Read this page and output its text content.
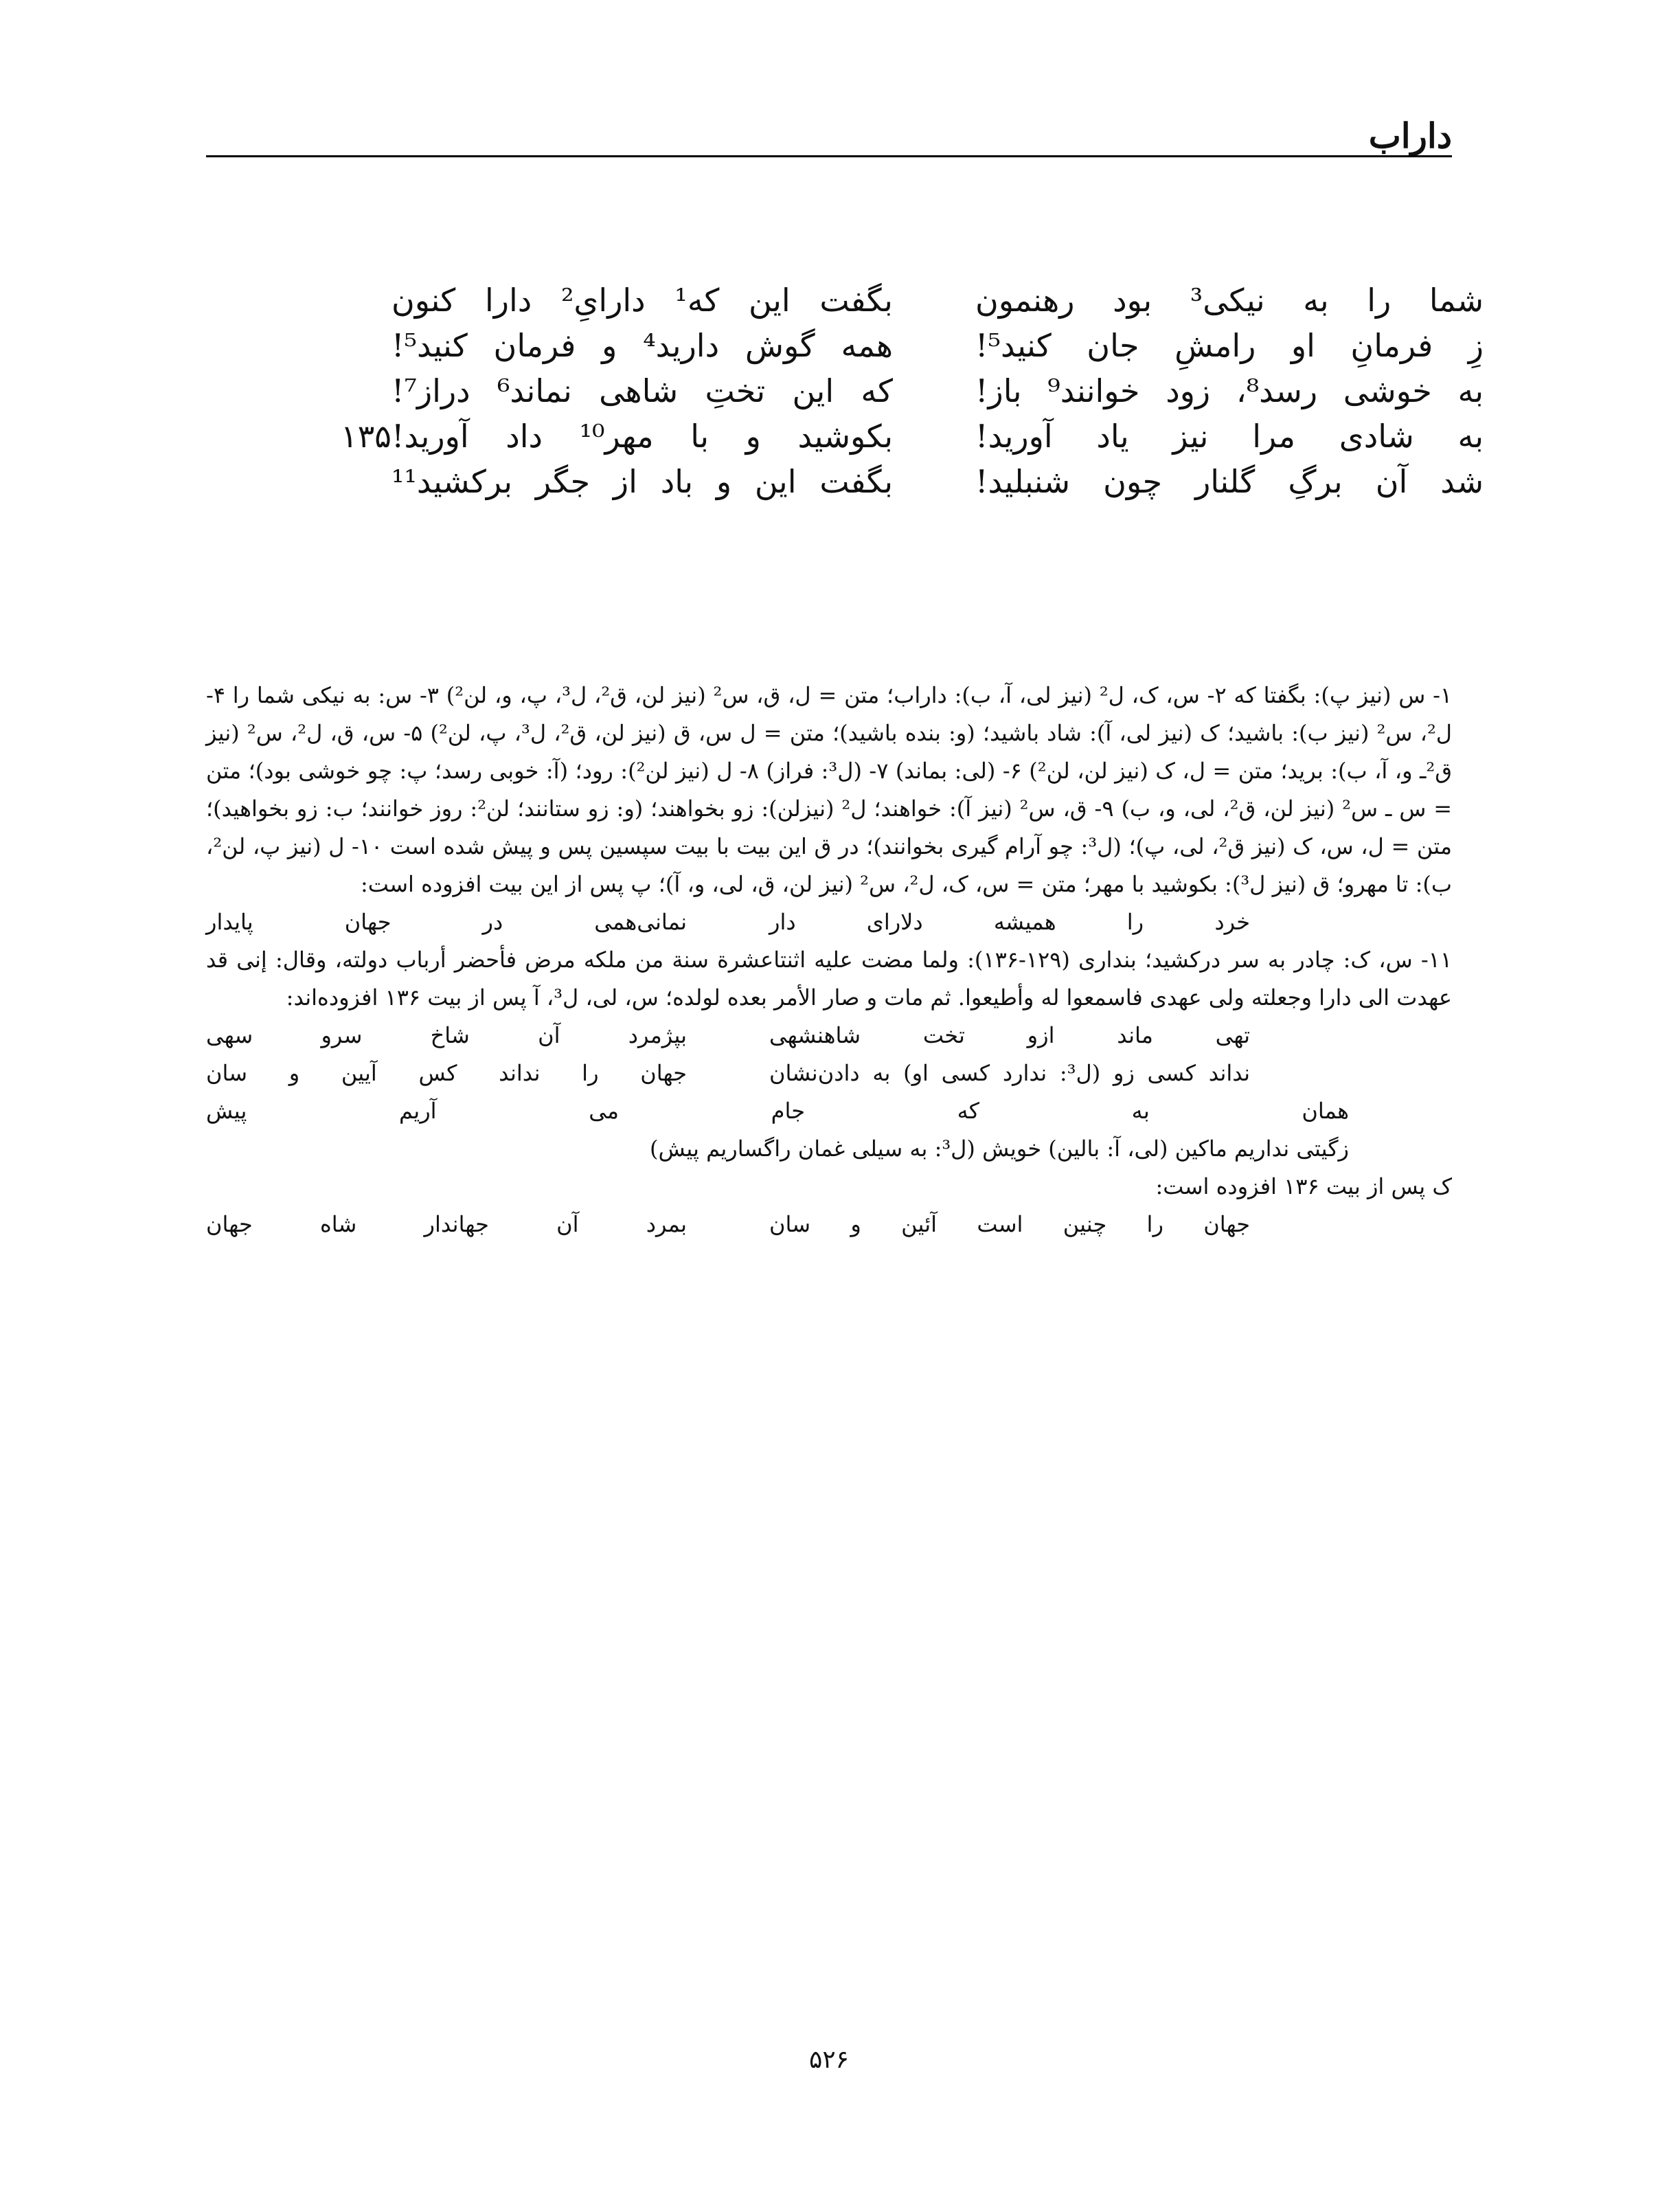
داراب
بگفت این که¹ دارایِ² دارا کنون	شما را به نیکی³ بود رهنمون
همه گوش دارید⁴ و فرمان کنید⁵!	زِ فرمانِ او رامشِ جان کنید⁵!
که این تختِ شاهی نماند⁶ دراز⁷!	به خوشی رسد⁸، زود خوانند⁹ باز!
۱۳۵ بکوشید و با مهر¹⁰ داد آورید!	به شادی مرا نیز یاد آورید!
بگفت این و باد از جگر برکشید¹¹	شد آن برگِ گلنار چون شنبلید!

۱- س (نیز پ): بگفتا که ۲- س، ک، ل² (نیز لی، آ، ب): داراب؛ متن = ل، ق، س² (نیز لن، ق²، ل³، پ، و، لن²) ۳- س: به نیکی شما را ۴- ل²، س² (نیز ب): باشید؛ ک (نیز لی، آ): شاد باشید؛ (و: بنده باشید)؛ متن = ل س، ق (نیز لن، ق²، ل³، پ، لن²) ۵- س، ق، ل²، س² (نیز ق²ـ و، آ، ب): برید؛ متن = ل، ک (نیز لن، لن²) ۶- (لی: بماند) ۷- (ل³: فراز) ۸- ل (نیز لن²): رود؛ (آ: خوبی رسد؛ پ: چو خوشی بود)؛ متن = س ـ س² (نیز لن، ق²، لی، و، ب) ۹- ق، س² (نیز آ): خواهند؛ ل² (نیزلن): زو بخواهند؛ (و: زو ستانند؛ لن²: روز خوانند؛ ب: زو بخواهید)؛ متن = ل، س، ک (نیز ق²، لی، پ)؛ (ل³: چو آرام گیری بخوانند)؛ در ق این بیت با بیت سپسین پس و پیش شده است ۱۰- ل (نیز پ، لن²، ب): تا مهرو؛ ق (نیز ل³): بکوشید با مهر؛ متن = س، ک، ل²، س² (نیز لن، ق، لی، و، آ)؛ پ پس از این بیت افزوده است:

نمانی‌همی در جهان پایدار	خرد را همیشه دلارای دار

۱۱- س، ک: چادر به سر درکشید؛ بنداری (۱۲۹-۱۳۶): ولما مضت علیه اثنتاعشرة سنة من ملکه مرض فأحضر أرباب دولته، وقال: إنی قد عهدت الی دارا وجعلته ولی عهدی فاسمعوا له وأطیعوا. ثم مات و صار الأمر بعده لولده؛ س، لی، ل³، آ پس از بیت ۱۳۶ افزوده‌اند:

بپژمرد آن شاخ سرو سهی	تهی ماند ازو تخت شاهنشهی
جهان را نداند کس آیین و سان	نداند کسی زو (ل³: ندارد کسی او) به دادن‌نشان

همان به که جام می آریم پیش

زگیتی نداریم ماکین (لی، آ: بالین) خویش (ل³: به سیلی غمان راگساریم پیش)

ک پس از بیت ۱۳۶ افزوده است:

بمرد آن جهاندار شاه جهان	جهان را چنین است آئین و سان
۵۲۶
